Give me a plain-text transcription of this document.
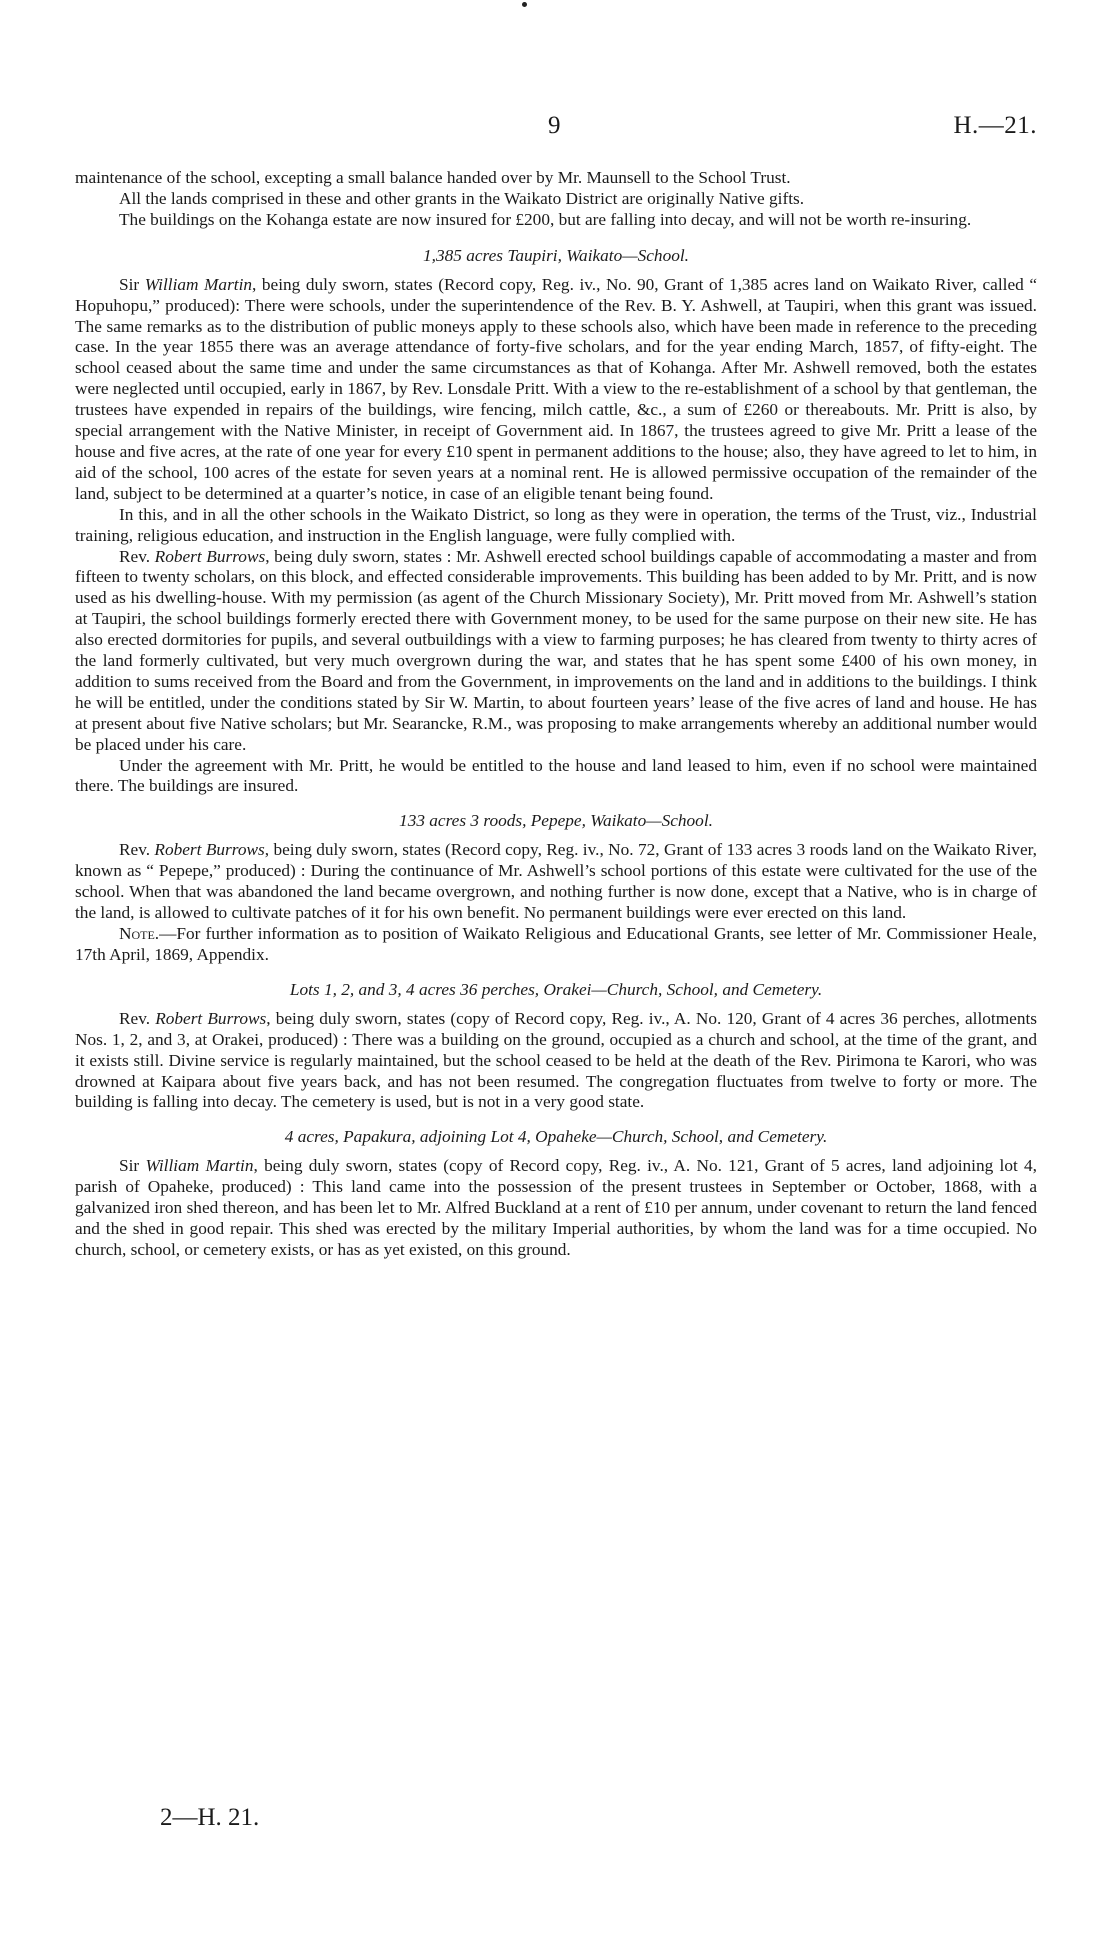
9	H.—21.

maintenance of the school, excepting a small balance handed over by Mr. Maunsell to the School Trust.

All the lands comprised in these and other grants in the Waikato District are originally Native gifts.

The buildings on the Kohanga estate are now insured for £200, but are falling into decay, and will not be worth re-insuring.

1,385 acres Taupiri, Waikato—School.

Sir William Martin, being duly sworn, states (Record copy, Reg. iv., No. 90, Grant of 1,385 acres land on Waikato River, called “ Hopuhopu,” produced): There were schools, under the superintendence of the Rev. B. Y. Ashwell, at Taupiri, when this grant was issued. The same remarks as to the distribution of public moneys apply to these schools also, which have been made in reference to the preceding case. In the year 1855 there was an average attendance of forty-five scholars, and for the year ending March, 1857, of fifty-eight. The school ceased about the same time and under the same circumstances as that of Kohanga. After Mr. Ashwell removed, both the estates were neglected until occupied, early in 1867, by Rev. Lonsdale Pritt. With a view to the re-establishment of a school by that gentleman, the trustees have expended in repairs of the buildings, wire fencing, milch cattle, &c., a sum of £260 or thereabouts. Mr. Pritt is also, by special arrangement with the Native Minister, in receipt of Government aid. In 1867, the trustees agreed to give Mr. Pritt a lease of the house and five acres, at the rate of one year for every £10 spent in permanent additions to the house; also, they have agreed to let to him, in aid of the school, 100 acres of the estate for seven years at a nominal rent. He is allowed permissive occupation of the remainder of the land, subject to be determined at a quarter’s notice, in case of an eligible tenant being found.

In this, and in all the other schools in the Waikato District, so long as they were in operation, the terms of the Trust, viz., Industrial training, religious education, and instruction in the English language, were fully complied with.

Rev. Robert Burrows, being duly sworn, states : Mr. Ashwell erected school buildings capable of accommodating a master and from fifteen to twenty scholars, on this block, and effected considerable improvements. This building has been added to by Mr. Pritt, and is now used as his dwelling-house. With my permission (as agent of the Church Missionary Society), Mr. Pritt moved from Mr. Ashwell’s station at Taupiri, the school buildings formerly erected there with Government money, to be used for the same purpose on their new site. He has also erected dormitories for pupils, and several outbuildings with a view to farming purposes; he has cleared from twenty to thirty acres of the land formerly cultivated, but very much overgrown during the war, and states that he has spent some £400 of his own money, in addition to sums received from the Board and from the Government, in improvements on the land and in additions to the buildings. I think he will be entitled, under the conditions stated by Sir W. Martin, to about fourteen years’ lease of the five acres of land and house. He has at present about five Native scholars; but Mr. Searancke, R.M., was proposing to make arrangements whereby an additional number would be placed under his care.

Under the agreement with Mr. Pritt, he would be entitled to the house and land leased to him, even if no school were maintained there. The buildings are insured.

133 acres 3 roods, Pepepe, Waikato—School.

Rev. Robert Burrows, being duly sworn, states (Record copy, Reg. iv., No. 72, Grant of 133 acres 3 roods land on the Waikato River, known as “ Pepepe,” produced) : During the continuance of Mr. Ashwell’s school portions of this estate were cultivated for the use of the school. When that was abandoned the land became overgrown, and nothing further is now done, except that a Native, who is in charge of the land, is allowed to cultivate patches of it for his own benefit. No permanent buildings were ever erected on this land.

Note.—For further information as to position of Waikato Religious and Educational Grants, see letter of Mr. Commissioner Heale, 17th April, 1869, Appendix.

Lots 1, 2, and 3, 4 acres 36 perches, Orakei—Church, School, and Cemetery.

Rev. Robert Burrows, being duly sworn, states (copy of Record copy, Reg. iv., A. No. 120, Grant of 4 acres 36 perches, allotments Nos. 1, 2, and 3, at Orakei, produced) : There was a building on the ground, occupied as a church and school, at the time of the grant, and it exists still. Divine service is regularly maintained, but the school ceased to be held at the death of the Rev. Pirimona te Karori, who was drowned at Kaipara about five years back, and has not been resumed. The congregation fluctuates from twelve to forty or more. The building is falling into decay. The cemetery is used, but is not in a very good state.

4 acres, Papakura, adjoining Lot 4, Opaheke—Church, School, and Cemetery.

Sir William Martin, being duly sworn, states (copy of Record copy, Reg. iv., A. No. 121, Grant of 5 acres, land adjoining lot 4, parish of Opaheke, produced) : This land came into the possession of the present trustees in September or October, 1868, with a galvanized iron shed thereon, and has been let to Mr. Alfred Buckland at a rent of £10 per annum, under covenant to return the land fenced and the shed in good repair. This shed was erected by the military Imperial authorities, by whom the land was for a time occupied. No church, school, or cemetery exists, or has as yet existed, on this ground.

2—H. 21.
